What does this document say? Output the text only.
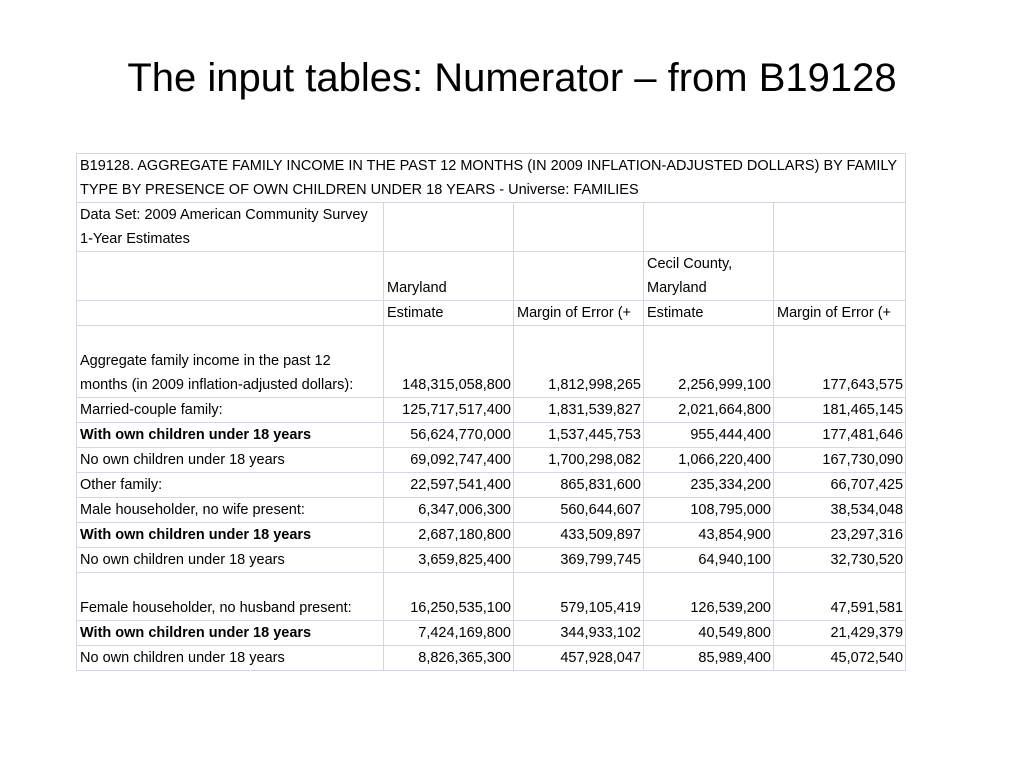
The input tables: Numerator – from B19128
B19128. AGGREGATE FAMILY INCOME IN THE PAST 12 MONTHS (IN 2009 INFLATION-ADJUSTED DOLLARS) BY FAMILY TYPE BY PRESENCE OF OWN CHILDREN UNDER 18 YEARS - Universe: FAMILIES				
Data Set: 2009 American Community Survey 1-Year Estimates				
	Maryland		Cecil County, Maryland	
	Estimate	Margin of Error (+	Estimate	Margin of Error (+
Aggregate family income in the past 12 months (in 2009 inflation-adjusted dollars):	148,315,058,800	1,812,998,265	2,256,999,100	177,643,575
Married-couple family:	125,717,517,400	1,831,539,827	2,021,664,800	181,465,145
With own children under 18 years	56,624,770,000	1,537,445,753	955,444,400	177,481,646
No own children under 18 years	69,092,747,400	1,700,298,082	1,066,220,400	167,730,090
Other family:	22,597,541,400	865,831,600	235,334,200	66,707,425
Male householder, no wife present:	6,347,006,300	560,644,607	108,795,000	38,534,048
With own children under 18 years	2,687,180,800	433,509,897	43,854,900	23,297,316
No own children under 18 years	3,659,825,400	369,799,745	64,940,100	32,730,520
Female householder, no husband present:	16,250,535,100	579,105,419	126,539,200	47,591,581
With own children under 18 years	7,424,169,800	344,933,102	40,549,800	21,429,379
No own children under 18 years	8,826,365,300	457,928,047	85,989,400	45,072,540
